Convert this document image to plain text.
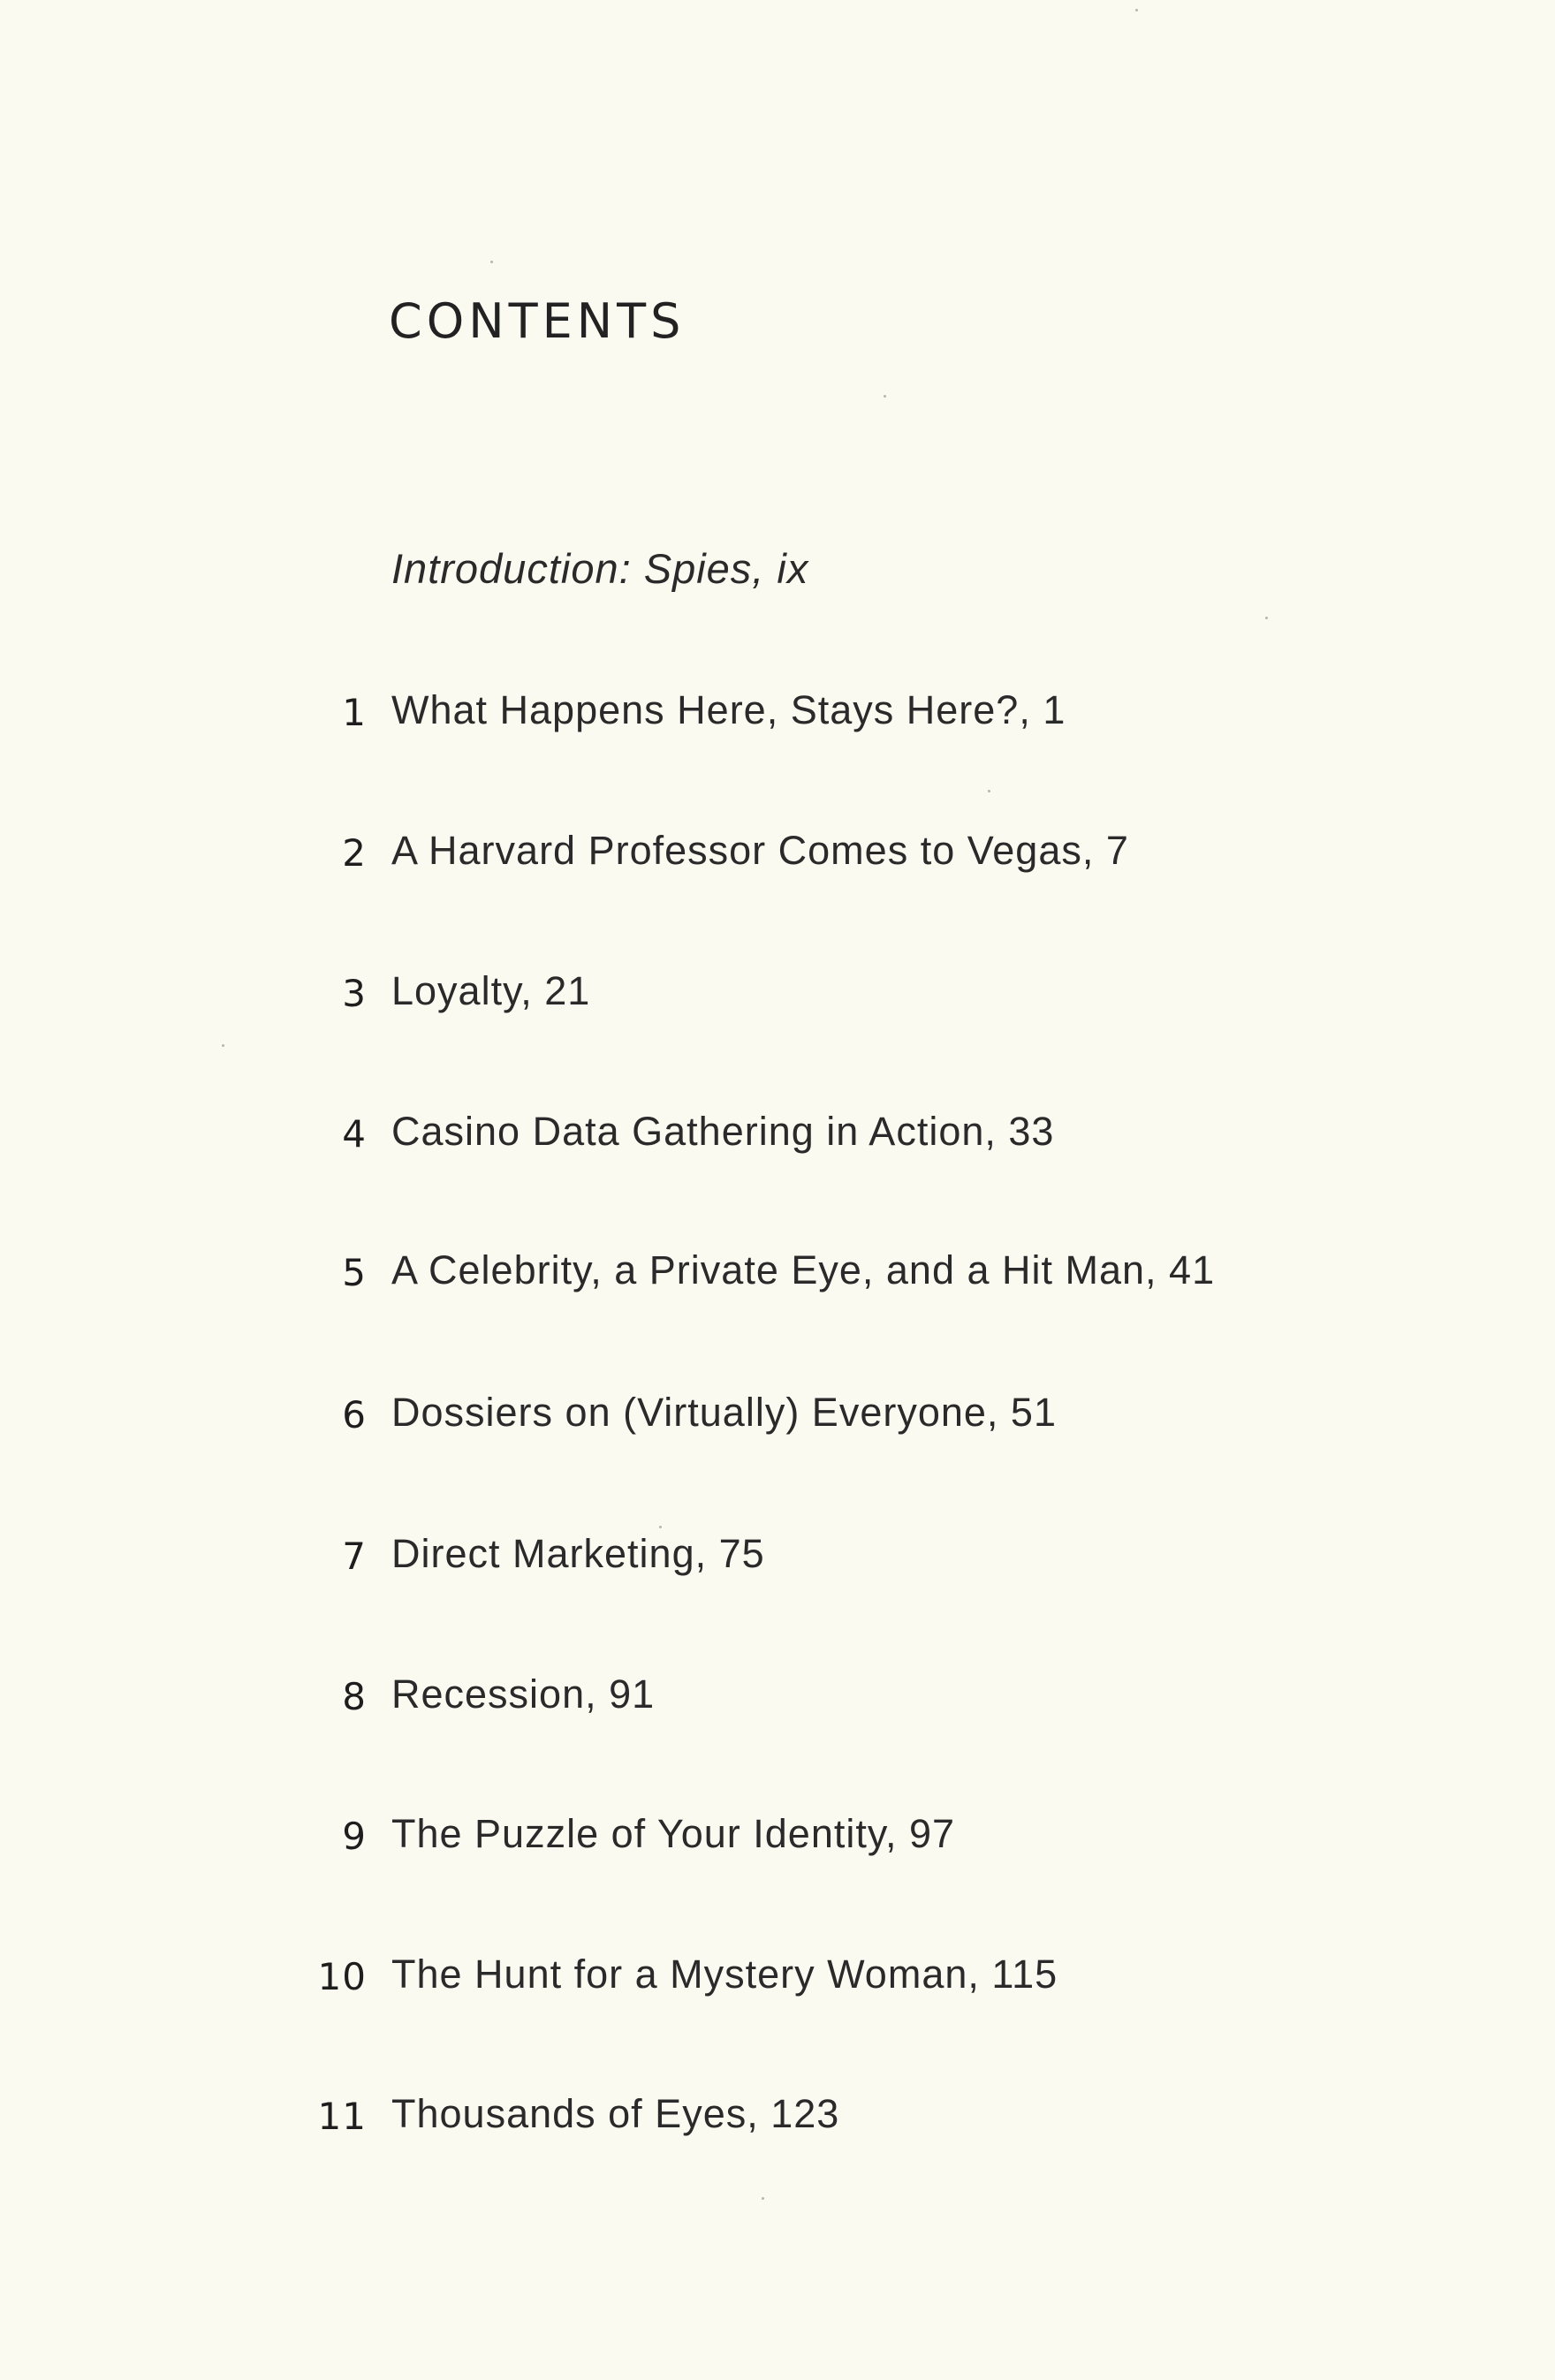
CONTENTS
Introduction: Spies, ix
1 What Happens Here, Stays Here?, 1
2 A Harvard Professor Comes to Vegas, 7
3 Loyalty, 21
4 Casino Data Gathering in Action, 33
5 A Celebrity, a Private Eye, and a Hit Man, 41
6 Dossiers on (Virtually) Everyone, 51
7 Direct Marketing, 75
8 Recession, 91
9 The Puzzle of Your Identity, 97
10 The Hunt for a Mystery Woman, 115
11 Thousands of Eyes, 123
